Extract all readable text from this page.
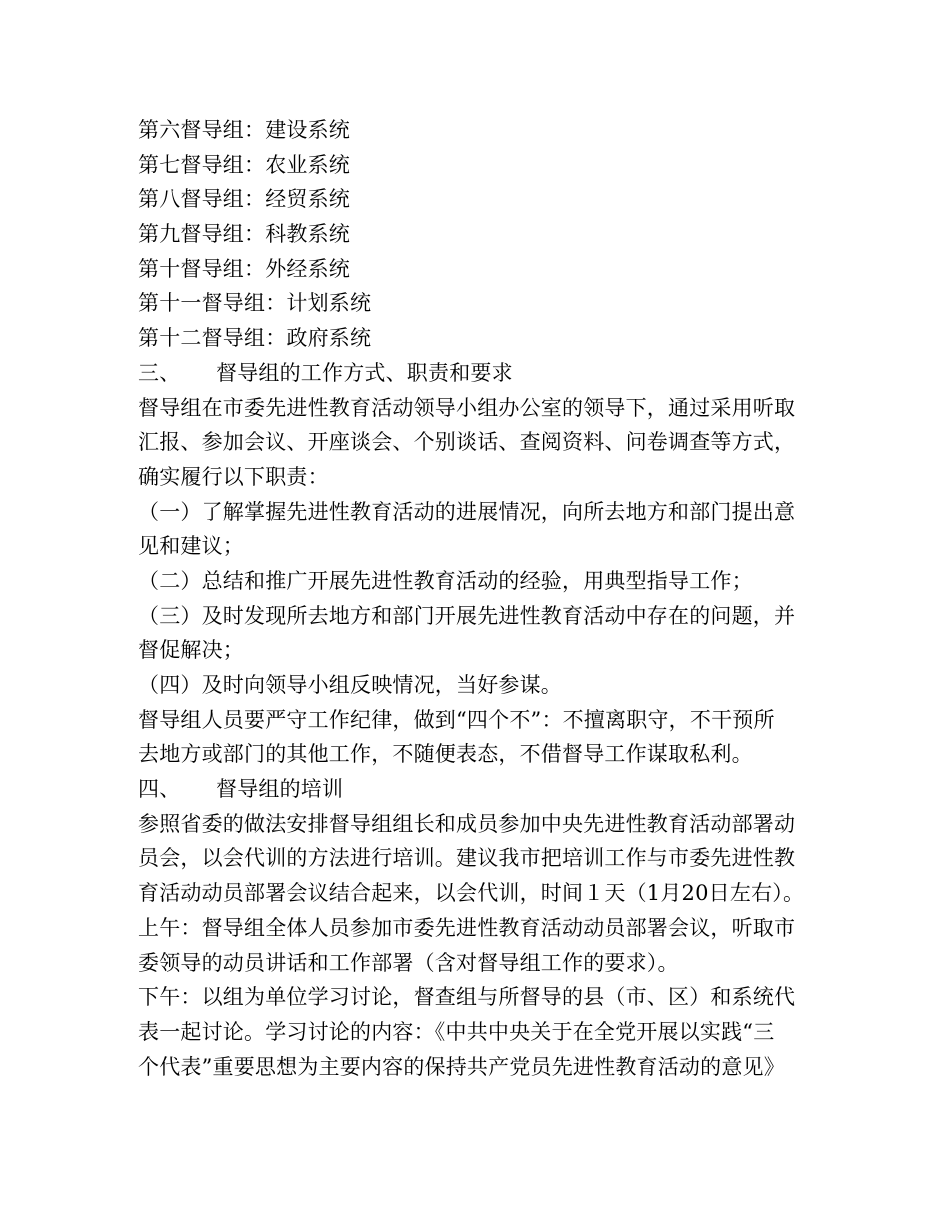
第六督导组：建设系统
第七督导组：农业系统
第八督导组：经贸系统
第九督导组：科教系统
第十督导组：外经系统
第十一督导组：计划系统
第十二督导组：政府系统
三、 督导组的工作方式、职责和要求
督导组在市委先进性教育活动领导小组办公室的领导下，通过采用听取
汇报、参加会议、开座谈会、个别谈话、查阅资料、问卷调查等方式，
确实履行以下职责：
（一）了解掌握先进性教育活动的进展情况，向所去地方和部门提出意
见和建议；
（二）总结和推广开展先进性教育活动的经验，用典型指导工作；
（三）及时发现所去地方和部门开展先进性教育活动中存在的问题，并
督促解决；
（四）及时向领导小组反映情况，当好参谋。
督导组人员要严守工作纪律，做到“四个不”：不擅离职守，不干预所
去地方或部门的其他工作，不随便表态，不借督导工作谋取私利。
四、 督导组的培训
参照省委的做法安排督导组组长和成员参加中央先进性教育活动部署动
员会，以会代训的方法进行培训。建议我市把培训工作与市委先进性教
育活动动员部署会议结合起来，以会代训，时间１天（1月20日左右）。
上午：督导组全体人员参加市委先进性教育活动动员部署会议，听取市
委领导的动员讲话和工作部署（含对督导组工作的要求）。
下午：以组为单位学习讨论，督查组与所督导的县（市、区）和系统代
表一起讨论。学习讨论的内容：《中共中央关于在全党开展以实践“三
个代表”重要思想为主要内容的保持共产党员先进性教育活动的意见》
